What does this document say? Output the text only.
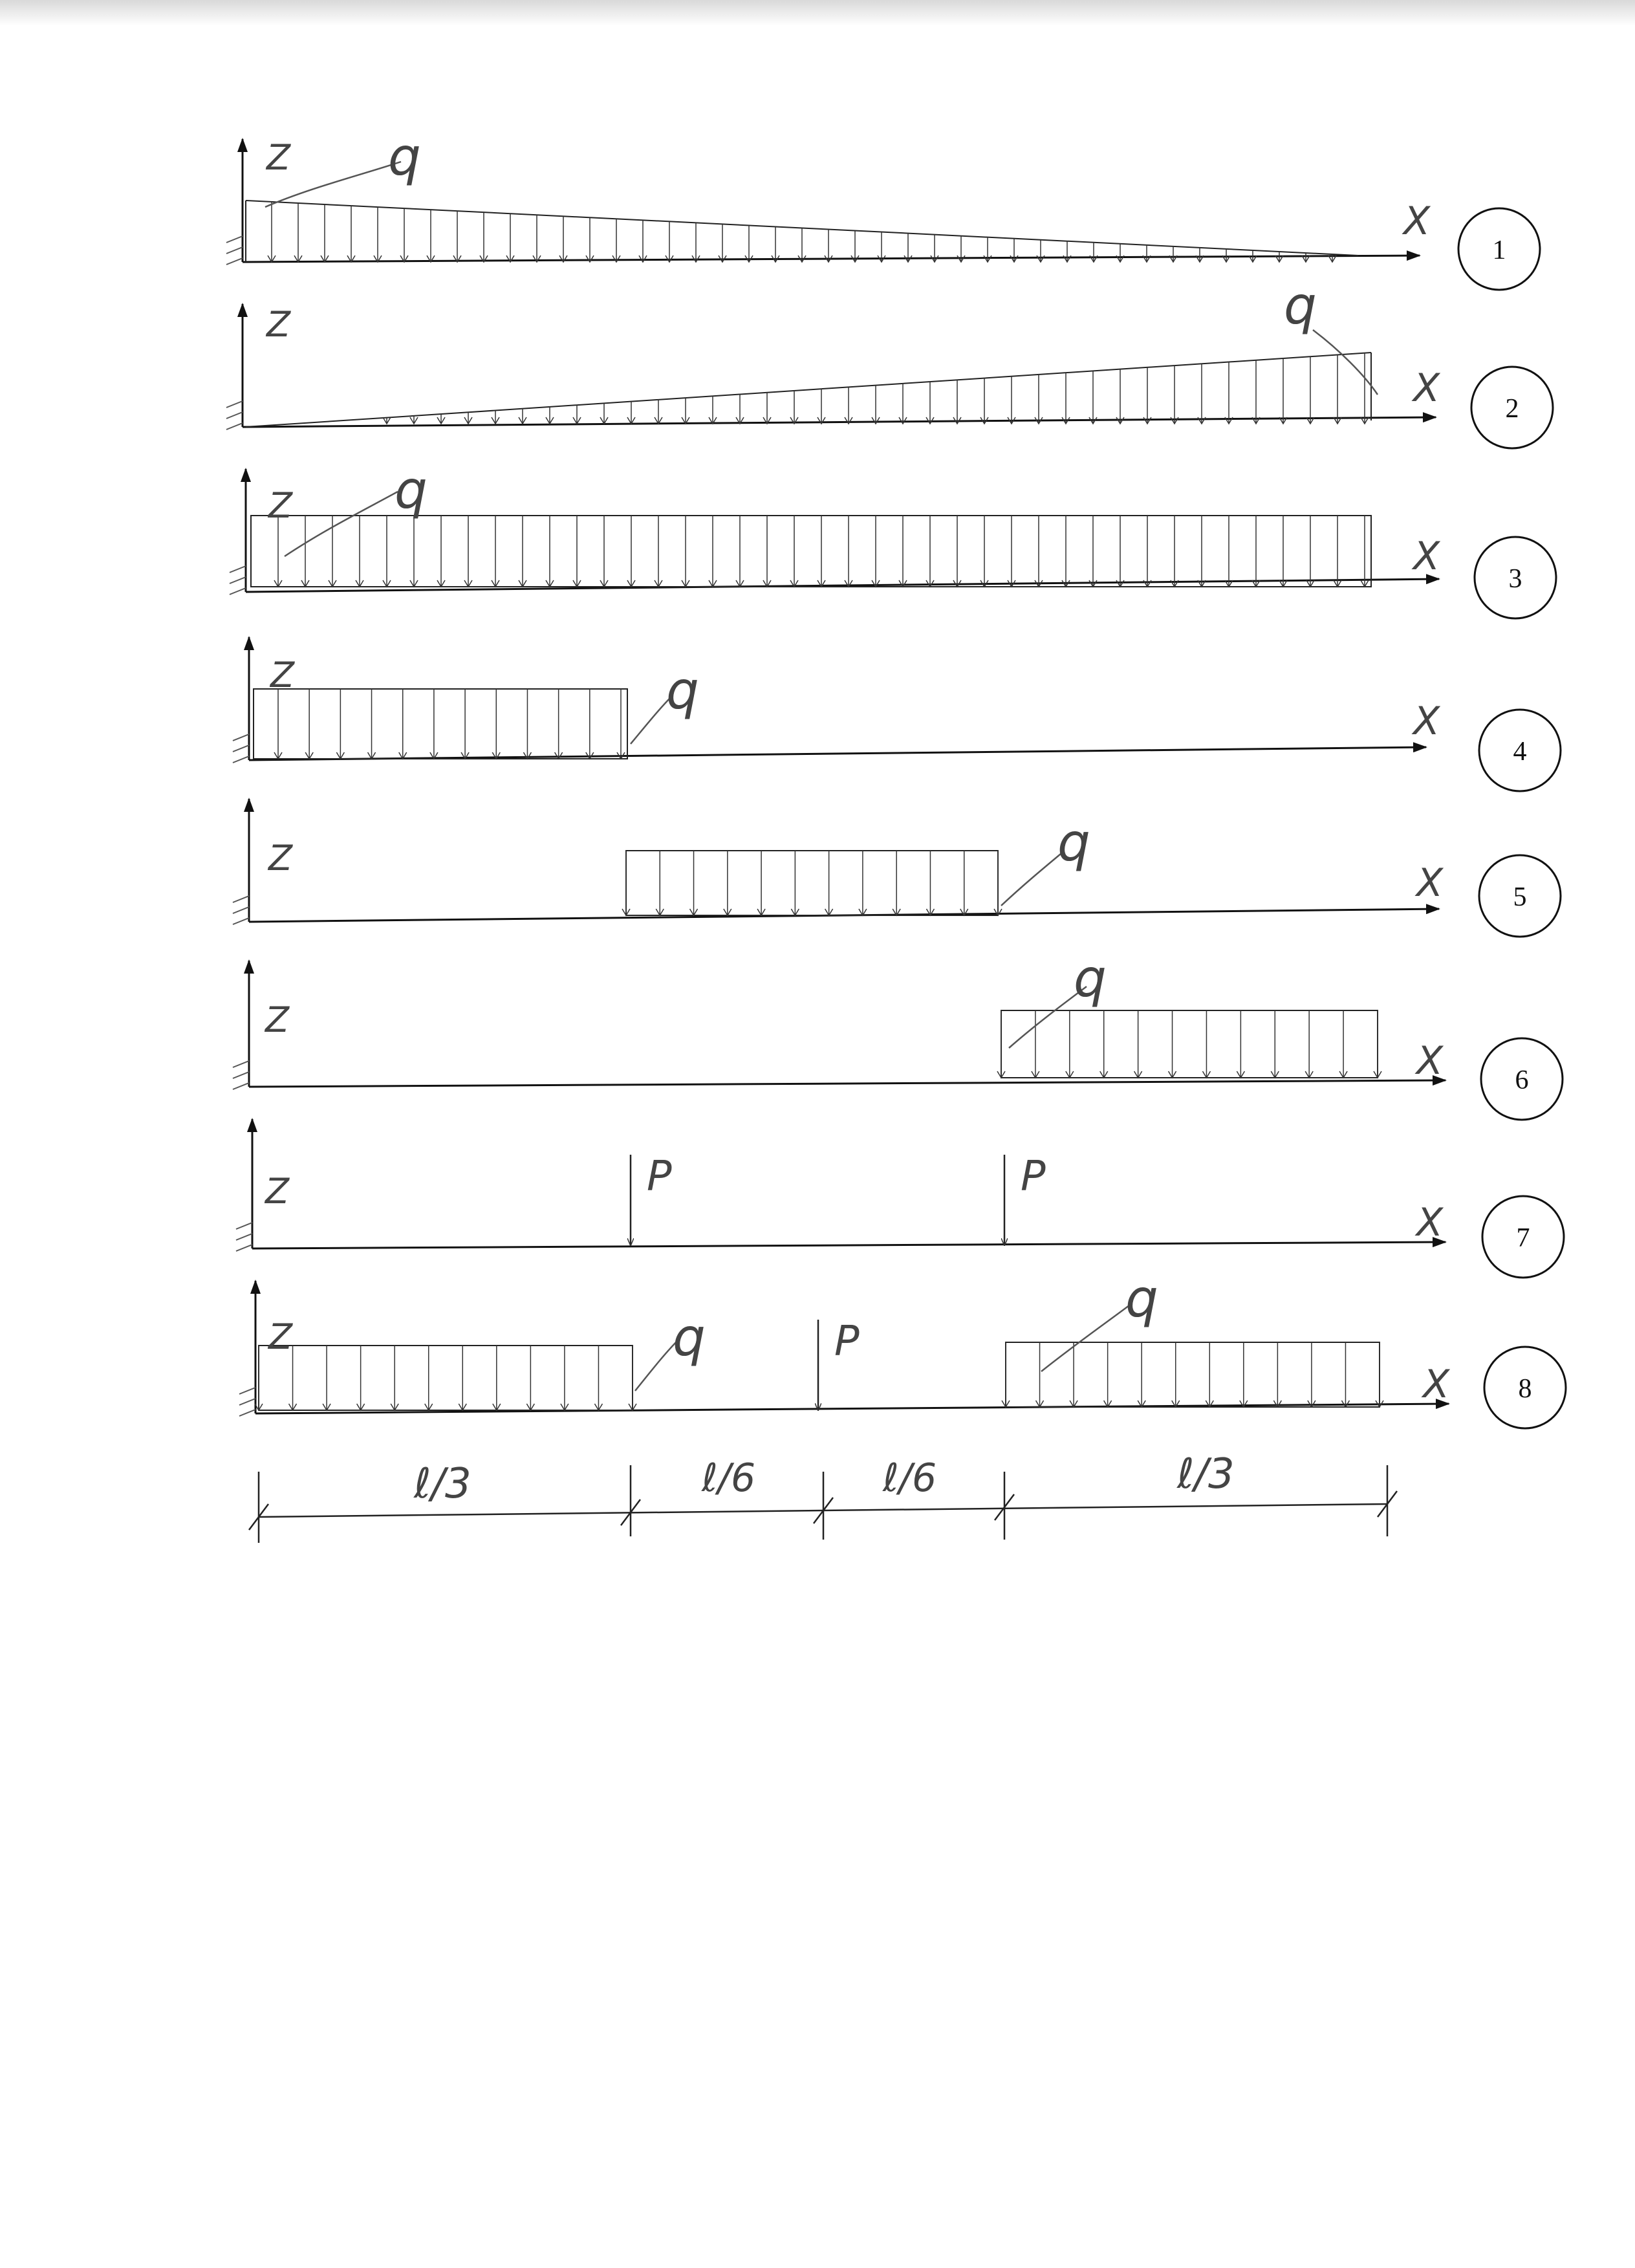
Z
X
q
1
Z
X
q
2
Z
X
q
3
Z
X
q
4
Z
X
q
5
Z
X
q
6
P	P
Z
X	7
P
q
q
Z
X	8
ℓ/3	ℓ/6	ℓ/6	ℓ/3
